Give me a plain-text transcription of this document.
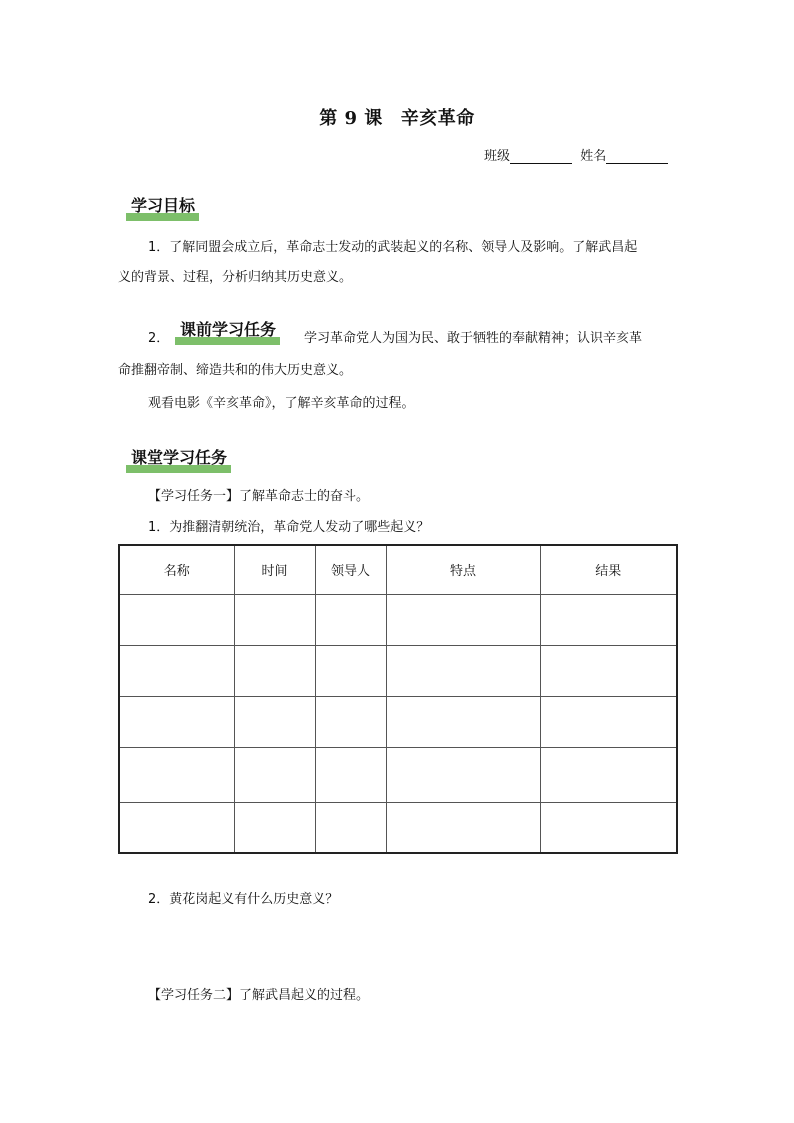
第 9 课 辛亥革命
班级	姓名
学习目标
1．了解同盟会成立后，革命志士发动的武装起义的名称、领导人及影响。了解武昌起
义的背景、过程，分析归纳其历史意义。
2． 课前学习任务 学习革命党人为国为民、敢于牺牲的奉献精神；认识辛亥革
命推翻帝制、缔造共和的伟大历史意义。
观看电影《辛亥革命》，了解辛亥革命的过程。
课堂学习任务
【学习任务一】了解革命志士的奋斗。
1．为推翻清朝统治，革命党人发动了哪些起义？
名称	时间	领导人	特点	结果

2．黄花岗起义有什么历史意义？
【学习任务二】了解武昌起义的过程。
